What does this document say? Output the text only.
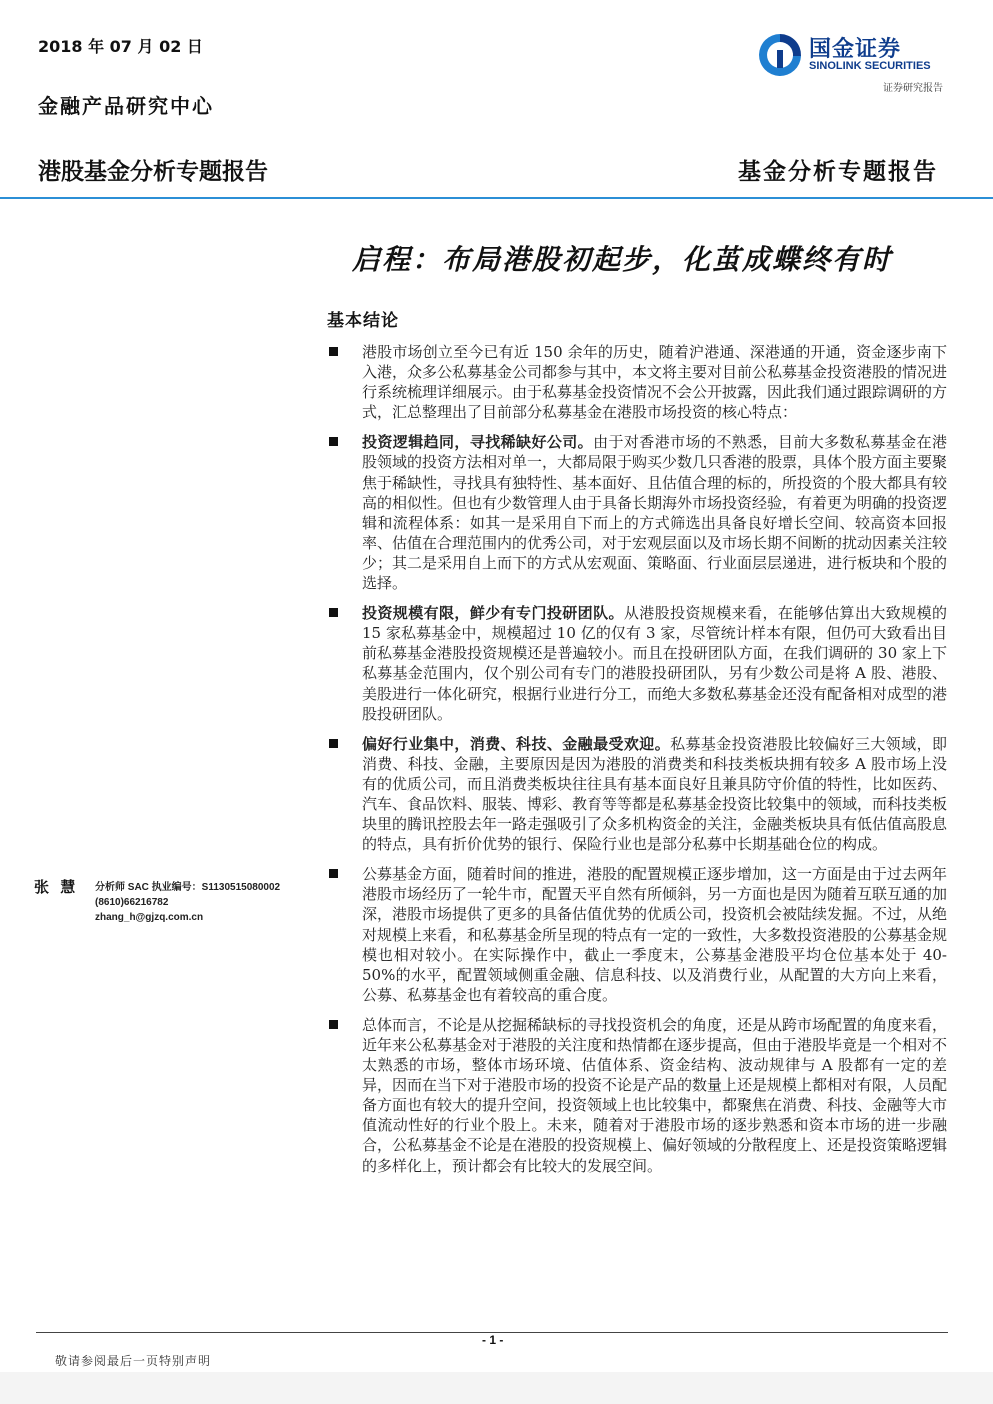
2018 年 07 月 02 日
金融产品研究中心
港股基金分析专题报告	基金分析专题报告
国金证券
SINOLINK SECURITIES
证券研究报告
启程：布局港股初起步，化茧成蝶终有时
基本结论
港股市场创立至今已有近 150 余年的历史，随着沪港通、深港通的开通，资金逐步南下入港，众多公私募基金公司都参与其中，本文将主要对目前公私募基金投资港股的情况进行系统梳理详细展示。由于私募基金投资情况不会公开披露，因此我们通过跟踪调研的方式，汇总整理出了目前部分私募基金在港股市场投资的核心特点：
投资逻辑趋同，寻找稀缺好公司。由于对香港市场的不熟悉，目前大多数私募基金在港股领域的投资方法相对单一，大都局限于购买少数几只香港的股票，具体个股方面主要聚焦于稀缺性，寻找具有独特性、基本面好、且估值合理的标的，所投资的个股大都具有较高的相似性。但也有少数管理人由于具备长期海外市场投资经验，有着更为明确的投资逻辑和流程体系：如其一是采用自下而上的方式筛选出具备良好增长空间、较高资本回报率、估值在合理范围内的优秀公司，对于宏观层面以及市场长期不间断的扰动因素关注较少；其二是采用自上而下的方式从宏观面、策略面、行业面层层递进，进行板块和个股的选择。
投资规模有限，鲜少有专门投研团队。从港股投资规模来看，在能够估算出大致规模的 15 家私募基金中，规模超过 10 亿的仅有 3 家，尽管统计样本有限，但仍可大致看出目前私募基金港股投资规模还是普遍较小。而且在投研团队方面，在我们调研的 30 家上下私募基金范围内，仅个别公司有专门的港股投研团队，另有少数公司是将 A 股、港股、美股进行一体化研究，根据行业进行分工，而绝大多数私募基金还没有配备相对成型的港股投研团队。
偏好行业集中，消费、科技、金融最受欢迎。私募基金投资港股比较偏好三大领域，即消费、科技、金融，主要原因是因为港股的消费类和科技类板块拥有较多 A 股市场上没有的优质公司，而且消费类板块往往具有基本面良好且兼具防守价值的特性，比如医药、汽车、食品饮料、服装、博彩、教育等等都是私募基金投资比较集中的领域，而科技类板块里的腾讯控股去年一路走强吸引了众多机构资金的关注，金融类板块具有低估值高股息的特点，具有折价优势的银行、保险行业也是部分私募中长期基础仓位的构成。
公募基金方面，随着时间的推进，港股的配置规模正逐步增加，这一方面是由于过去两年港股市场经历了一轮牛市，配置天平自然有所倾斜，另一方面也是因为随着互联互通的加深，港股市场提供了更多的具备估值优势的优质公司，投资机会被陆续发掘。不过，从绝对规模上来看，和私募基金所呈现的特点有一定的一致性，大多数投资港股的公募基金规模也相对较小。在实际操作中，截止一季度末，公募基金港股平均仓位基本处于 40-50%的水平，配置领域侧重金融、信息科技、以及消费行业，从配置的大方向上来看，公募、私募基金也有着较高的重合度。
总体而言，不论是从挖掘稀缺标的寻找投资机会的角度，还是从跨市场配置的角度来看，近年来公私募基金对于港股的关注度和热情都在逐步提高，但由于港股毕竟是一个相对不太熟悉的市场，整体市场环境、估值体系、资金结构、波动规律与 A 股都有一定的差异，因而在当下对于港股市场的投资不论是产品的数量上还是规模上都相对有限，人员配备方面也有较大的提升空间，投资领域上也比较集中，都聚焦在消费、科技、金融等大市值流动性好的行业个股上。未来，随着对于港股市场的逐步熟悉和资本市场的进一步融合，公私募基金不论是在港股的投资规模上、偏好领域的分散程度上、还是投资策略逻辑的多样化上，预计都会有比较大的发展空间。
张 慧 分析师 SAC 执业编号：S1130515080002
(8610)66216782
zhang_h@gjzq.com.cn
- 1 -
敬请参阅最后一页特别声明
